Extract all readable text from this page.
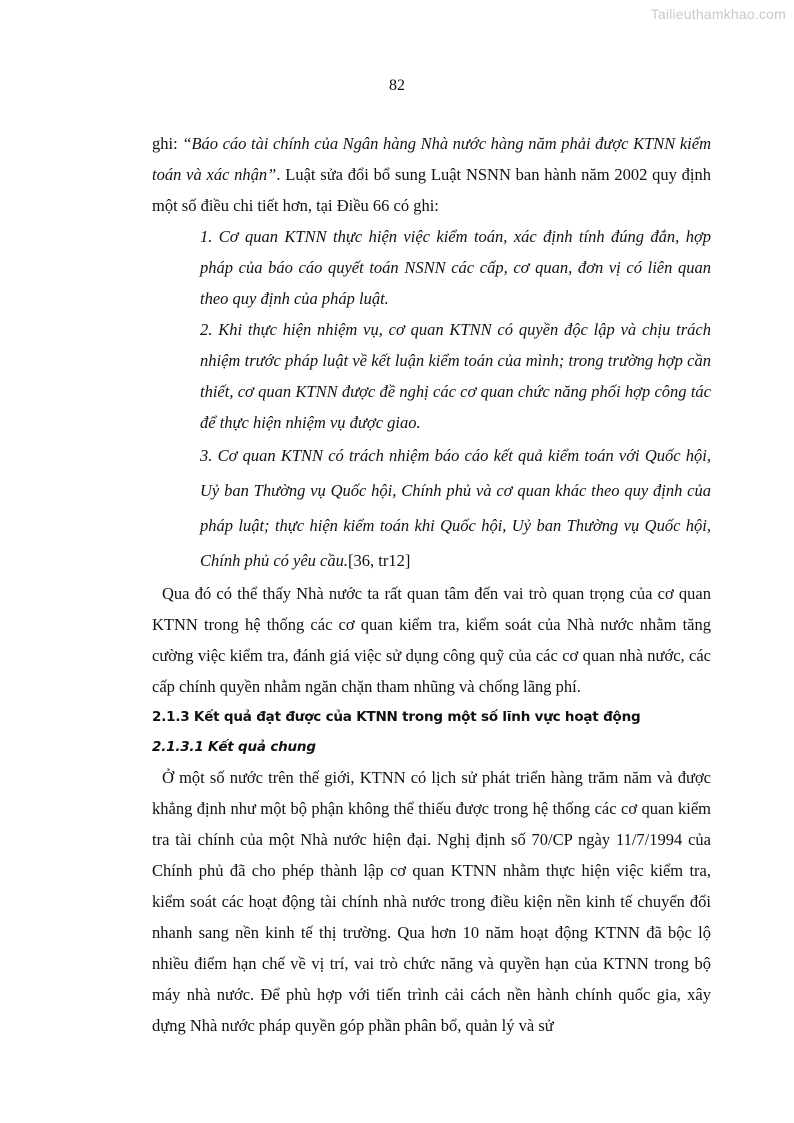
Tailieuthamkhao.com
82

ghi: “Báo cáo tài chính của Ngân hàng Nhà nước hàng năm phải được KTNN kiểm toán và xác nhận”. Luật sửa đổi bổ sung Luật NSNN ban hành năm 2002 quy định một số điều chi tiết hơn, tại Điều 66 có ghi:

1. Cơ quan KTNN thực hiện việc kiểm toán, xác định tính đúng đắn, hợp pháp của báo cáo quyết toán NSNN các cấp, cơ quan, đơn vị có liên quan theo quy định của pháp luật.

2. Khi thực hiện nhiệm vụ, cơ quan KTNN có quyền độc lập và chịu trách nhiệm trước pháp luật về kết luận kiểm toán của mình; trong trường hợp cần thiết, cơ quan KTNN được đề nghị các cơ quan chức năng phối hợp công tác để thực hiện nhiệm vụ được giao.

3. Cơ quan KTNN có trách nhiệm báo cáo kết quả kiểm toán với Quốc hội, Uỷ ban Thường vụ Quốc hội, Chính phủ và cơ quan khác theo quy định của pháp luật; thực hiện kiểm toán khi Quốc hội, Uỷ ban Thường vụ Quốc hội, Chính phủ có yêu cầu.[36, tr12]

Qua đó có thể thấy Nhà nước ta rất quan tâm đến vai trò quan trọng của cơ quan KTNN trong hệ thống các cơ quan kiểm tra, kiểm soát của Nhà nước nhằm tăng cường việc kiểm tra, đánh giá việc sử dụng công quỹ của các cơ quan nhà nước, các cấp chính quyền nhằm ngăn chặn tham nhũng và chống lãng phí.

2.1.3 Kết quả đạt được của KTNN trong một số lĩnh vực hoạt động

2.1.3.1 Kết quả chung

Ở một số nước trên thế giới, KTNN có lịch sử phát triển hàng trăm năm và được khẳng định như một bộ phận không thể thiếu được trong hệ thống các cơ quan kiểm tra tài chính của một Nhà nước hiện đại. Nghị định số 70/CP ngày 11/7/1994 của Chính phủ đã cho phép thành lập cơ quan KTNN nhằm thực hiện việc kiểm tra, kiểm soát các hoạt động tài chính nhà nước trong điều kiện nền kinh tế chuyển đổi nhanh sang nền kinh tế thị trường. Qua hơn 10 năm hoạt động KTNN đã bộc lộ nhiều điểm hạn chế về vị trí, vai trò chức năng và quyền hạn của KTNN trong bộ máy nhà nước. Để phù hợp với tiến trình cải cách nền hành chính quốc gia, xây dựng Nhà nước pháp quyền góp phần phân bổ, quản lý và sử
